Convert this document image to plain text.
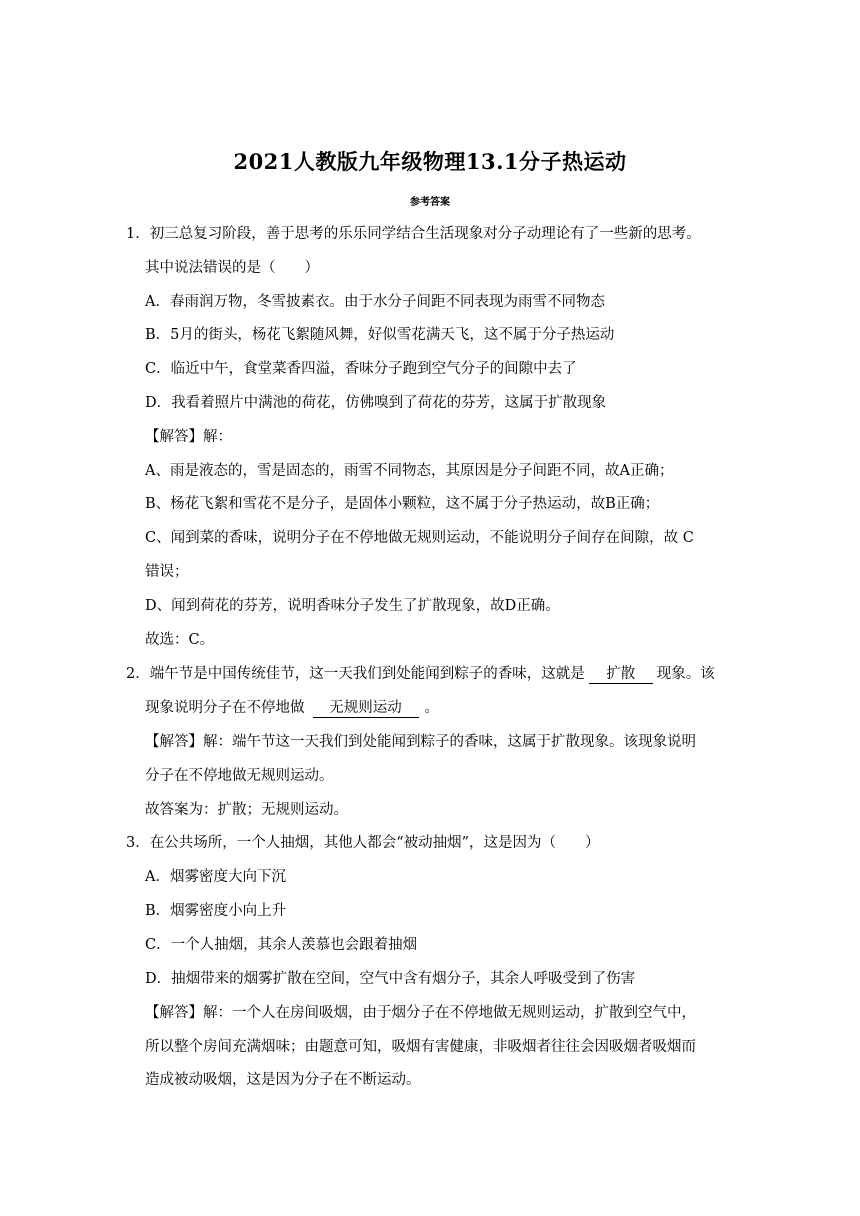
2021人教版九年级物理13.1分子热运动
参考答案
1．初三总复习阶段，善于思考的乐乐同学结合生活现象对分子动理论有了一些新的思考。
其中说法错误的是（　　）
A．春雨润万物，冬雪披素衣。由于水分子间距不同表现为雨雪不同物态
B．5月的街头，杨花飞絮随风舞，好似雪花满天飞，这不属于分子热运动
C．临近中午，食堂菜香四溢，香味分子跑到空气分子的间隙中去了
D．我看着照片中满池的荷花，仿佛嗅到了荷花的芬芳，这属于扩散现象
【解答】解：
A、雨是液态的，雪是固态的，雨雪不同物态，其原因是分子间距不同，故A正确；
B、杨花飞絮和雪花不是分子，是固体小颗粒，这不属于分子热运动，故B正确；
C、闻到菜的香味，说明分子在不停地做无规则运动，不能说明分子间存在间隙，故 C
错误；
D、闻到荷花的芬芳，说明香味分子发生了扩散现象，故D正确。
故选：C。
2．端午节是中国传统佳节，这一天我们到处能闻到粽子的香味，这就是 扩散 现象。该
现象说明分子在不停地做 无规则运动 。
【解答】解：端午节这一天我们到处能闻到粽子的香味，这属于扩散现象。该现象说明
分子在不停地做无规则运动。
故答案为：扩散；无规则运动。
3．在公共场所，一个人抽烟，其他人都会“被动抽烟”，这是因为（　　）
A．烟雾密度大向下沉
B．烟雾密度小向上升
C．一个人抽烟，其余人羡慕也会跟着抽烟
D．抽烟带来的烟雾扩散在空间，空气中含有烟分子，其余人呼吸受到了伤害
【解答】解：一个人在房间吸烟，由于烟分子在不停地做无规则运动，扩散到空气中，
所以整个房间充满烟味；由题意可知，吸烟有害健康，非吸烟者往往会因吸烟者吸烟而
造成被动吸烟，这是因为分子在不断运动。
